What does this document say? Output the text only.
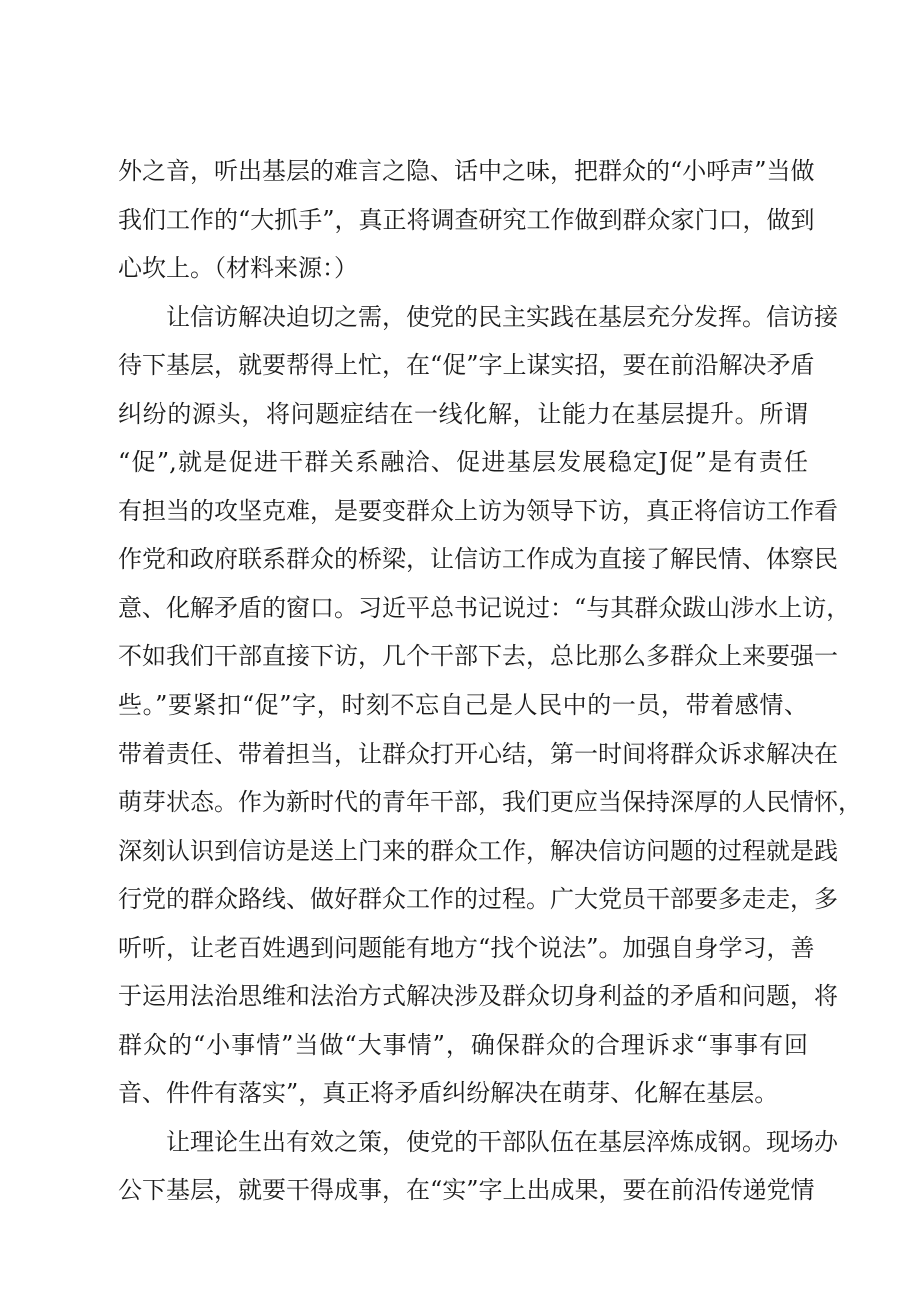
外之音，听出基层的难言之隐、话中之味，把群众的“小呼声”当做
我们工作的“大抓手”，真正将调查研究工作做到群众家门口，做到
心坎上。（材料来源：）
让信访解决迫切之需，使党的民主实践在基层充分发挥。信访接
待下基层，就要帮得上忙，在“促”字上谋实招，要在前沿解决矛盾
纠纷的源头，将问题症结在一线化解，让能力在基层提升。所谓
“促”,就是促进干群关系融洽、促进基层发展稳定J促”是有责任
有担当的攻坚克难，是要变群众上访为领导下访，真正将信访工作看
作党和政府联系群众的桥梁，让信访工作成为直接了解民情、体察民
意、化解矛盾的窗口。习近平总书记说过：“与其群众跋山涉水上访，
不如我们干部直接下访，几个干部下去，总比那么多群众上来要强一
些。”要紧扣“促”字，时刻不忘自己是人民中的一员，带着感情、
带着责任、带着担当，让群众打开心结，第一时间将群众诉求解决在
萌芽状态。作为新时代的青年干部，我们更应当保持深厚的人民情怀，
深刻认识到信访是送上门来的群众工作，解决信访问题的过程就是践
行党的群众路线、做好群众工作的过程。广大党员干部要多走走，多
听听，让老百姓遇到问题能有地方“找个说法”。加强自身学习，善
于运用法治思维和法治方式解决涉及群众切身利益的矛盾和问题，将
群众的“小事情”当做“大事情”，确保群众的合理诉求“事事有回
音、件件有落实”，真正将矛盾纠纷解决在萌芽、化解在基层。
让理论生出有效之策，使党的干部队伍在基层淬炼成钢。现场办
公下基层，就要干得成事，在“实”字上出成果，要在前沿传递党情
